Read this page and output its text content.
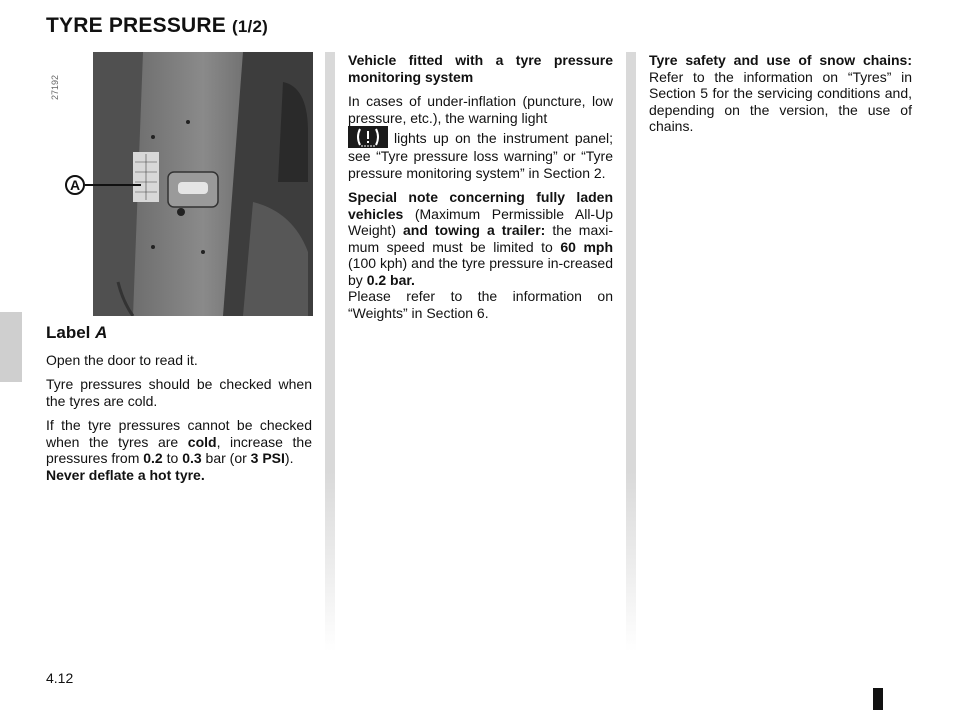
TYRE PRESSURE (1/2)
27192
A
Label A

Open the door to read it.

Tyre pressures should be checked when the tyres are cold.

If the tyre pressures cannot be checked when the tyres are cold, increase the pressures from 0.2 to 0.3 bar (or 3 PSI).
Never deflate a hot tyre.

Vehicle fitted with a tyre pressure monitoring system

In cases of under-inflation (puncture, low pressure, etc.), the warning light

lights up on the instrument panel; see “Tyre pressure loss warning” or “Tyre pressure monitoring system” in Section 2.

Special note concerning fully laden vehicles (Maximum Permissible All-Up Weight) and towing a trailer: the maxi-mum speed must be limited to 60 mph (100 kph) and the tyre pressure in-creased by 0.2 bar.
Please refer to the information on “Weights” in Section 6.

Tyre safety and use of snow chains: Refer to the information on “Tyres” in Section 5 for the servicing conditions and, depending on the version, the use of chains.

4.12
